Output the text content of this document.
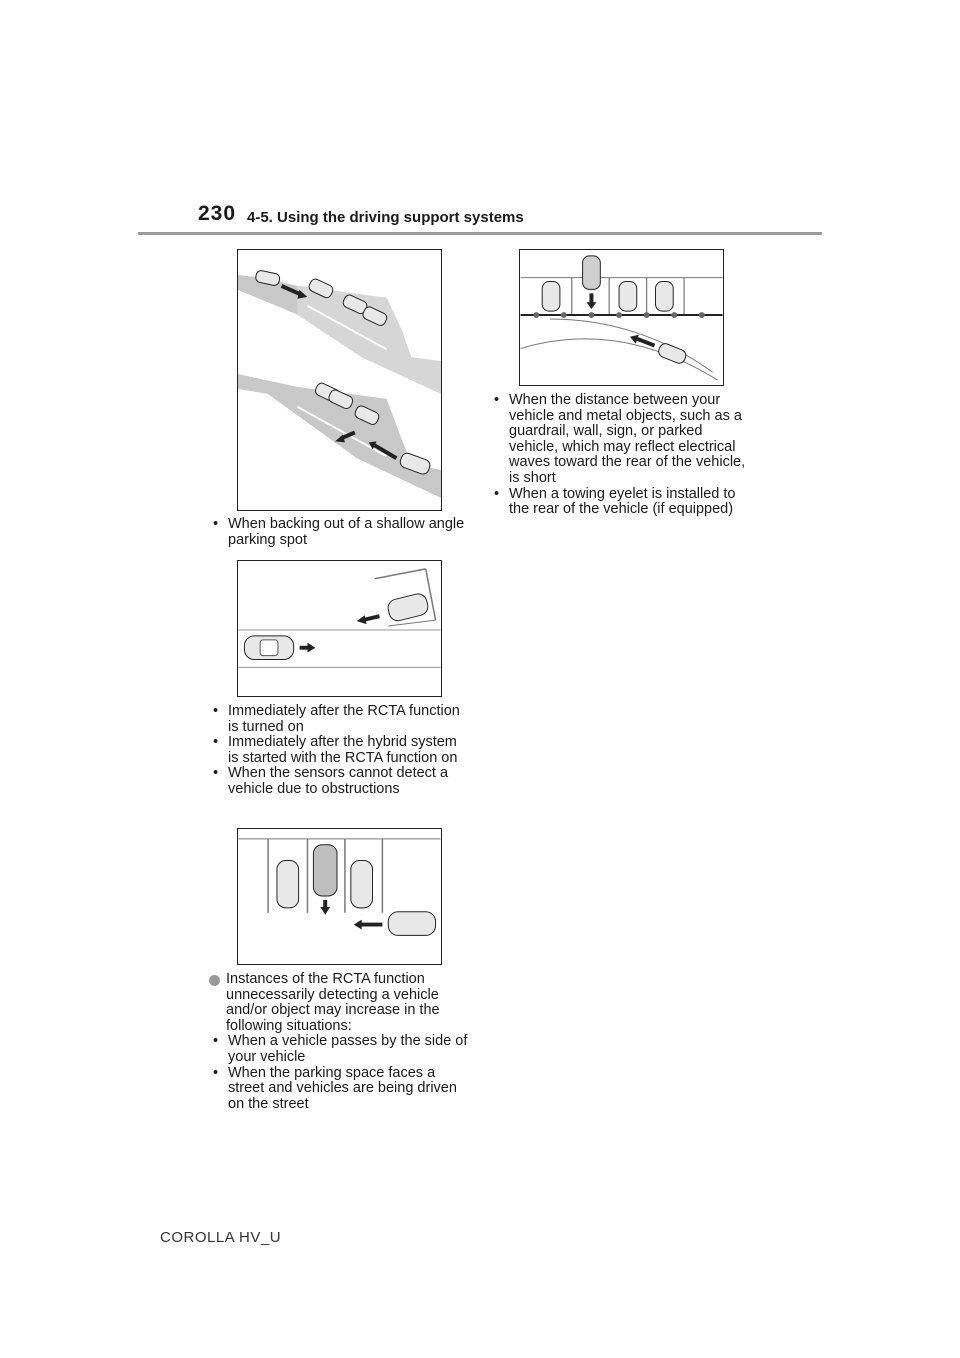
230 4-5. Using the driving support systems

• When backing out of a shallow angle parking spot

• Immediately after the RCTA function is turned on

• Immediately after the hybrid system is started with the RCTA function on

• When the sensors cannot detect a vehicle due to obstructions

Instances of the RCTA function unnecessarily detecting a vehicle and/or object may increase in the following situations:

• When a vehicle passes by the side of your vehicle

• When the parking space faces a street and vehicles are being driven on the street

• When the distance between your vehicle and metal objects, such as a guardrail, wall, sign, or parked vehicle, which may reflect electrical waves toward the rear of the vehicle, is short

• When a towing eyelet is installed to the rear of the vehicle (if equipped)

COROLLA HV_U
